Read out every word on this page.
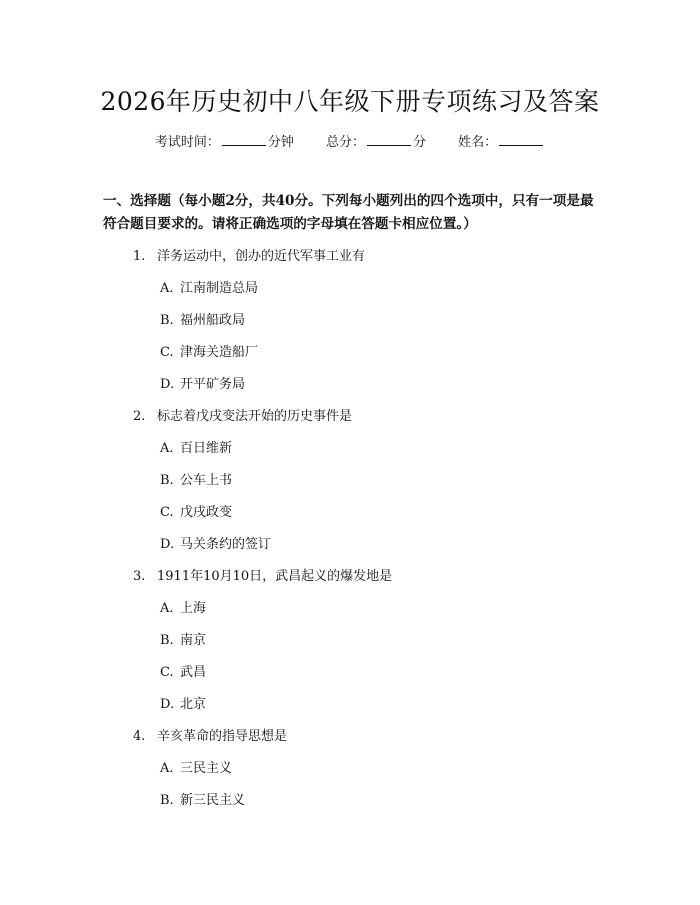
2026年历史初中八年级下册专项练习及答案
考试时间：	分钟 总分：	分 姓名：
一、选择题（每小题2分，共40分。下列每小题列出的四个选项中，只有一项是最符合题目要求的。请将正确选项的字母填在答题卡相应位置。）
1. 洋务运动中，创办的近代军事工业有
A. 江南制造总局
B. 福州船政局
C. 津海关造船厂
D. 开平矿务局
2. 标志着戊戌变法开始的历史事件是
A. 百日维新
B. 公车上书
C. 戊戌政变
D. 马关条约的签订
3. 1911年10月10日，武昌起义的爆发地是
A. 上海
B. 南京
C. 武昌
D. 北京
4. 辛亥革命的指导思想是
A. 三民主义
B. 新三民主义
